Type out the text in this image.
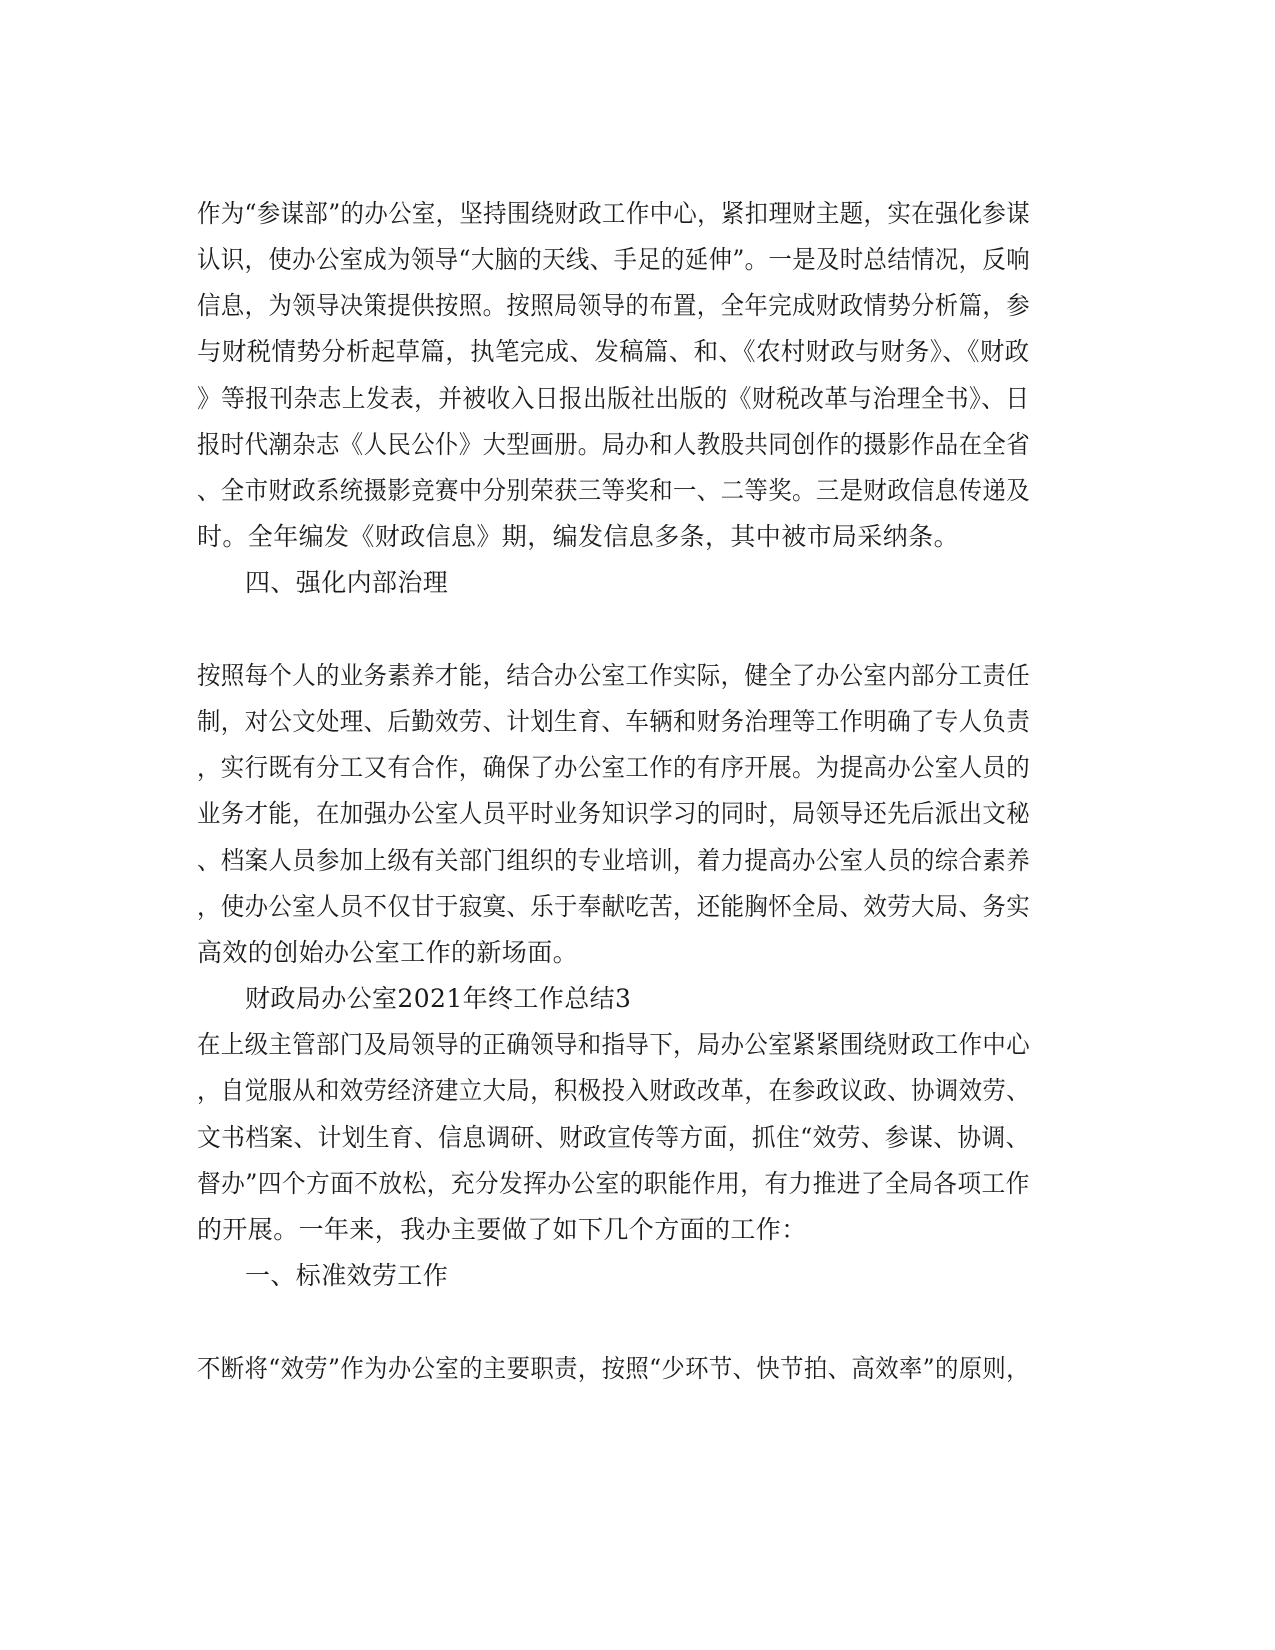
作为“参谋部”的办公室，坚持围绕财政工作中心，紧扣理财主题，实在强化参谋
认识，使办公室成为领导“大脑的天线、手足的延伸”。一是及时总结情况，反响
信息，为领导决策提供按照。按照局领导的布置，全年完成财政情势分析篇，参
与财税情势分析起草篇，执笔完成、发稿篇、和、《农村财政与财务》、《财政
》等报刊杂志上发表，并被收入日报出版社出版的《财税改革与治理全书》、日
报时代潮杂志《人民公仆》大型画册。局办和人教股共同创作的摄影作品在全省
、全市财政系统摄影竞赛中分别荣获三等奖和一、二等奖。三是财政信息传递及
时。全年编发《财政信息》期，编发信息多条，其中被市局采纳条。
四、强化内部治理
按照每个人的业务素养才能，结合办公室工作实际，健全了办公室内部分工责任
制，对公文处理、后勤效劳、计划生育、车辆和财务治理等工作明确了专人负责
，实行既有分工又有合作，确保了办公室工作的有序开展。为提高办公室人员的
业务才能，在加强办公室人员平时业务知识学习的同时，局领导还先后派出文秘
、档案人员参加上级有关部门组织的专业培训，着力提高办公室人员的综合素养
，使办公室人员不仅甘于寂寞、乐于奉献吃苦，还能胸怀全局、效劳大局、务实
高效的创始办公室工作的新场面。
财政局办公室2021年终工作总结3
在上级主管部门及局领导的正确领导和指导下，局办公室紧紧围绕财政工作中心
，自觉服从和效劳经济建立大局，积极投入财政改革，在参政议政、协调效劳、
文书档案、计划生育、信息调研、财政宣传等方面，抓住“效劳、参谋、协调、
督办”四个方面不放松，充分发挥办公室的职能作用，有力推进了全局各项工作
的开展。一年来，我办主要做了如下几个方面的工作：
一、标准效劳工作
不断将“效劳”作为办公室的主要职责，按照“少环节、快节拍、高效率”的原则，
